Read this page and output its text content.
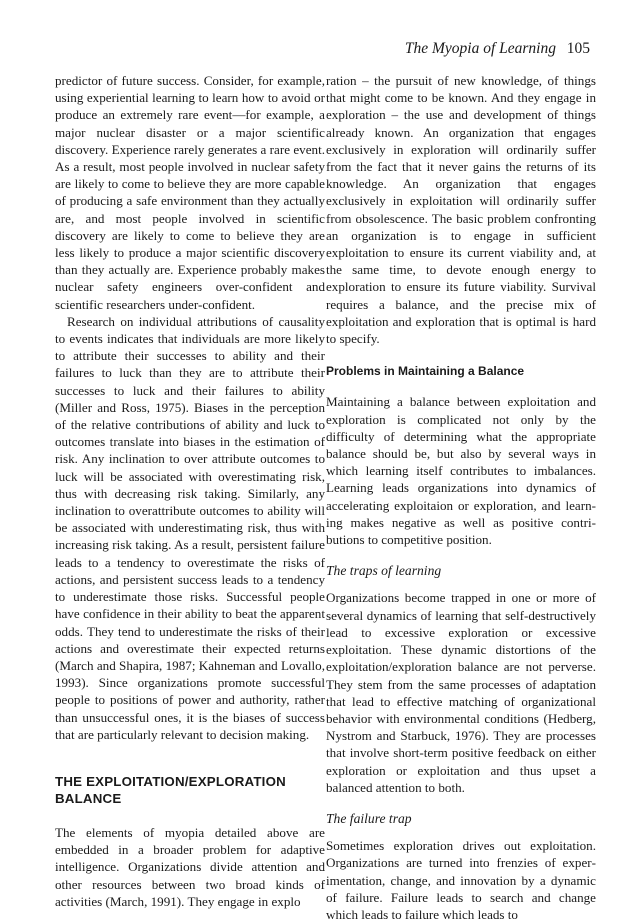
The Myopia of Learning 105

predictor of future success. Consider, for example, using experiential learning to learn how to avoid or produce an extremely rare event—for example, a major nuclear disaster or a major scientific discovery. Experience rarely generates a rare event. As a result, most people involved in nuclear safety are likely to come to believe they are more capable of producing a safe environment than they actually are, and most people involved in scientific discovery are likely to come to believe they are less likely to produce a major scientific discovery than they actually are. Experience probably makes nuclear safety engineers over-confident and scientific researchers under-confident.

Research on individual attributions of causality to events indicates that individuals are more likely to attribute their successes to ability and their failures to luck than they are to attribute their successes to luck and their failures to ability (Miller and Ross, 1975). Biases in the perception of the relative contributions of ability and luck to outcomes translate into biases in the estimation of risk. Any inclination to over attribute outcomes to luck will be associated with overestimating risk, thus with decreasing risk taking. Similarly, any inclination to overattribute outcomes to ability will be associated with underestimating risk, thus with increasing risk taking. As a result, persistent failure leads to a tendency to overestimate the risks of actions, and persistent success leads to a tendency to underestimate those risks. Successful people have confidence in their ability to beat the apparent odds. They tend to underestimate the risks of their actions and overestimate their expected returns (March and Shapira, 1987; Kahneman and Lovallo, 1993). Since organizations promote successful people to positions of power and authority, rather than unsuccessful ones, it is the biases of success that are particularly relevant to decision making.

THE EXPLOITATION/EXPLORATION BALANCE

The elements of myopia detailed above are embedded in a broader problem for adaptive intelligence. Organizations divide attention and other resources between two broad kinds of activities (March, 1991). They engage in explo

ration – the pursuit of new knowledge, of things that might come to be known. And they engage in exploration – the use and development of things already known. An organization that engages exclusively in exploration will ordinarily suffer from the fact that it never gains the returns of its knowledge. An organization that engages exclusively in exploitation will ordinarily suffer from obsolescence. The basic problem confronting an organization is to engage in sufficient exploitation to ensure its current viability and, at the same time, to devote enough energy to exploration to ensure its future viability. Survival requires a balance, and the precise mix of exploitation and exploration that is optimal is hard to specify.

Problems in Maintaining a Balance

Maintaining a balance between exploitation and exploration is complicated not only by the difficulty of determining what the appropriate balance should be, but also by several ways in which learning itself contributes to imbalances. Learning leads organizations into dynamics of accelerating exploitaion or exploration, and learning makes negative as well as positive contributions to competitive position.

The traps of learning

Organizations become trapped in one or more of several dynamics of learning that self-destructively lead to excessive exploration or excessive exploitation. These dynamic distortions of the exploitation/exploration balance are not perverse. They stem from the same processes of adaptation that lead to effective matching of organizational behavior with environmental conditions (Hedberg, Nystrom and Starbuck, 1976). They are processes that involve short-term positive feedback on either exploration or exploitation and thus upset a balanced attention to both.

The failure trap

Sometimes exploration drives out exploitation. Organizations are turned into frenzies of experimentation, change, and innovation by a dynamic of failure. Failure leads to search and change which leads to failure which leads to
